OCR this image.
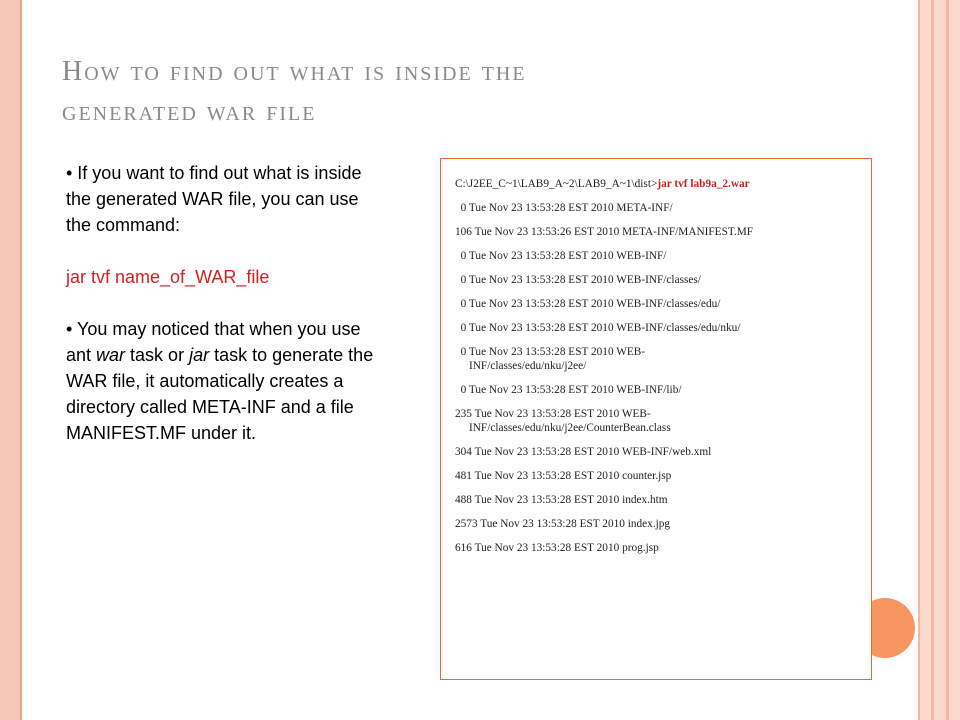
How to find out what is inside the
generated war file

• If you want to find out what is inside the generated WAR file, you can use the command:

jar tvf name_of_WAR_file

• You may noticed that when you use ant war task or jar task to generate the WAR file, it automatically creates a directory called META-INF and a file MANIFEST.MF under it.

C:\J2EE_C~1\LAB9_A~2\LAB9_A~1\dist>jar tvf lab9a_2.war

0 Tue Nov 23 13:53:28 EST 2010 META-INF/

106 Tue Nov 23 13:53:26 EST 2010 META-INF/MANIFEST.MF

0 Tue Nov 23 13:53:28 EST 2010 WEB-INF/

0 Tue Nov 23 13:53:28 EST 2010 WEB-INF/classes/

0 Tue Nov 23 13:53:28 EST 2010 WEB-INF/classes/edu/

0 Tue Nov 23 13:53:28 EST 2010 WEB-INF/classes/edu/nku/

0 Tue Nov 23 13:53:28 EST 2010 WEB-
INF/classes/edu/nku/j2ee/

0 Tue Nov 23 13:53:28 EST 2010 WEB-INF/lib/

235 Tue Nov 23 13:53:28 EST 2010 WEB-
INF/classes/edu/nku/j2ee/CounterBean.class

304 Tue Nov 23 13:53:28 EST 2010 WEB-INF/web.xml

481 Tue Nov 23 13:53:28 EST 2010 counter.jsp

488 Tue Nov 23 13:53:28 EST 2010 index.htm

2573 Tue Nov 23 13:53:28 EST 2010 index.jpg

616 Tue Nov 23 13:53:28 EST 2010 prog.jsp
